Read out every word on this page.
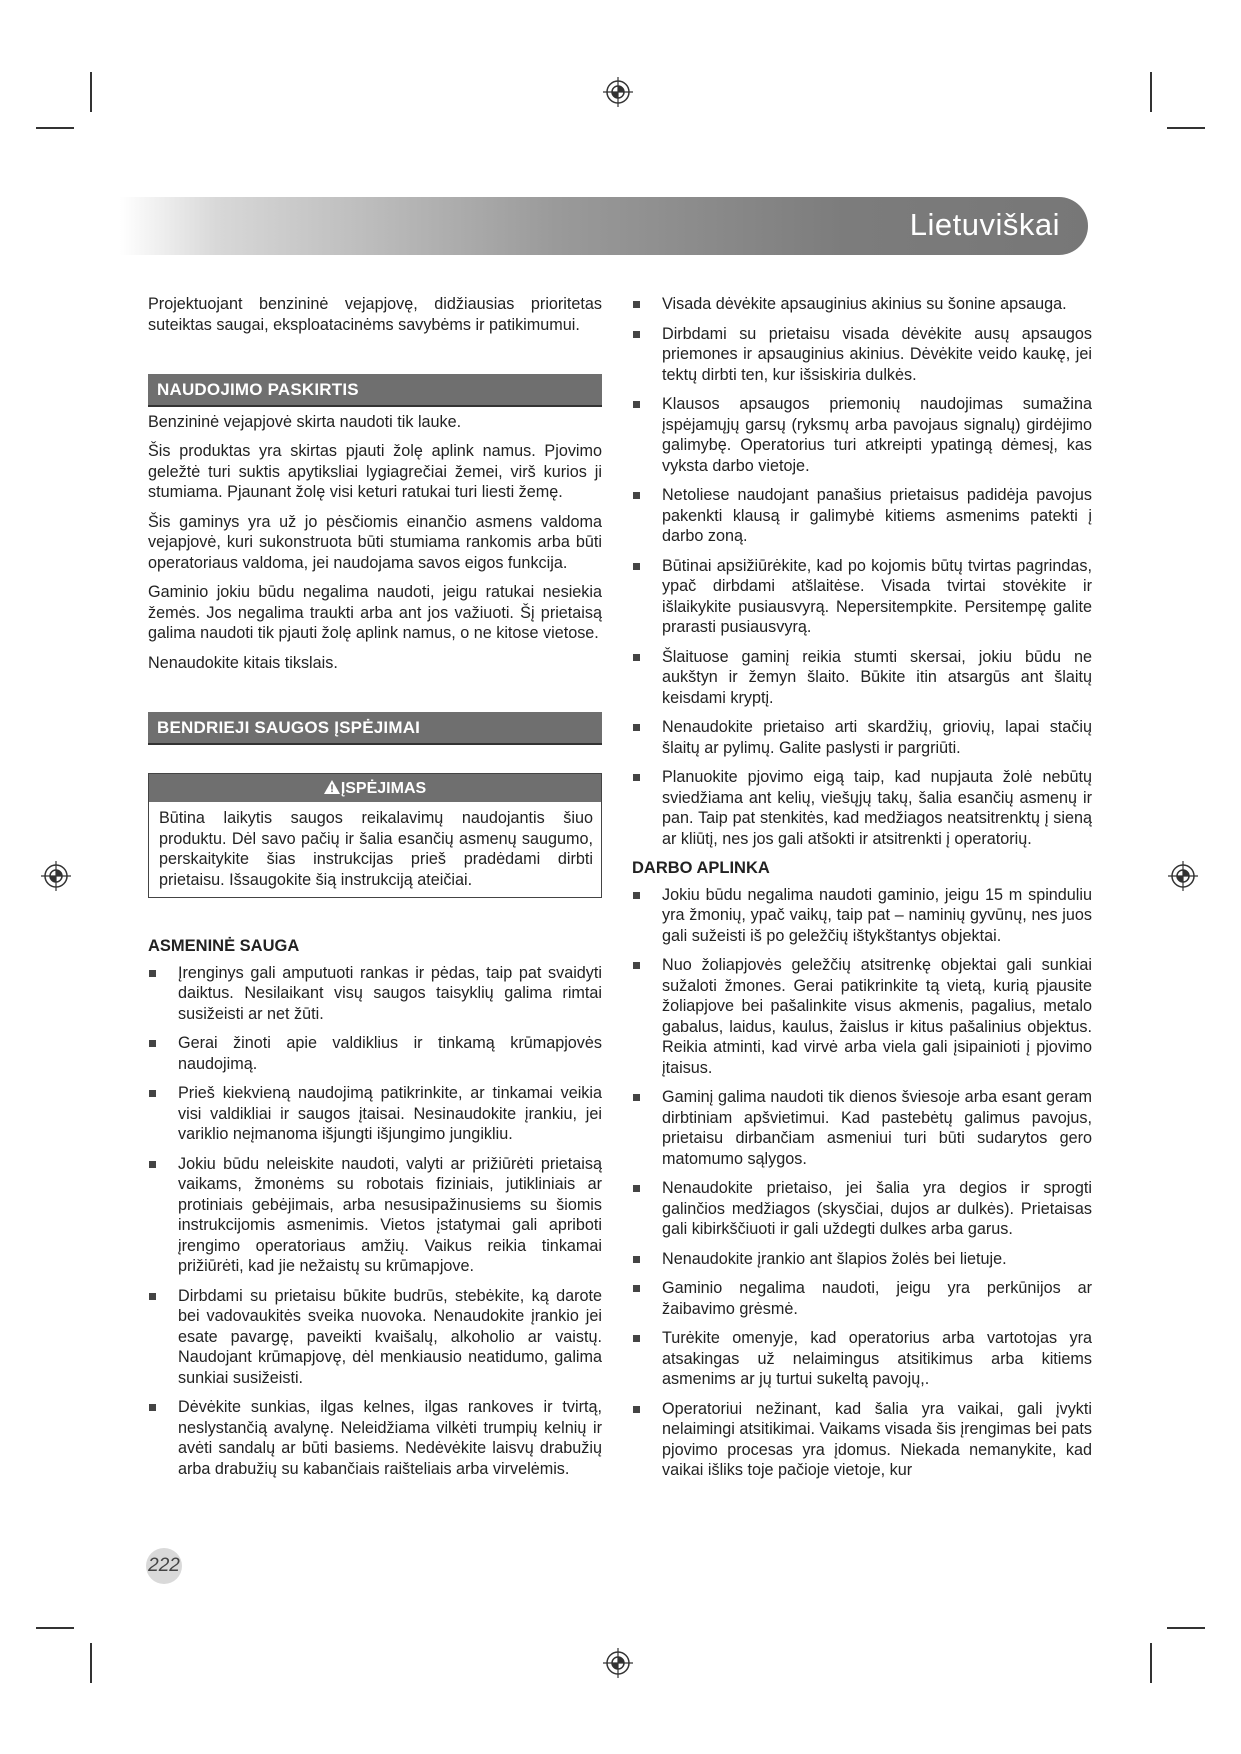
Lietuviškai

Projektuojant benzininė vejapjovę, didžiausias prioritetas suteiktas saugai, eksploatacinėms savybėms ir patikimumui.

NAUDOJIMO PASKIRTIS

Benzininė vejapjovė skirta naudoti tik lauke.

Šis produktas yra skirtas pjauti žolę aplink namus. Pjovimo geležtė turi suktis apytiksliai lygiagrečiai žemei, virš kurios ji stumiama. Pjaunant žolę visi keturi ratukai turi liesti žemę.

Šis gaminys yra už jo pėsčiomis einančio asmens valdoma vejapjovė, kuri sukonstruota būti stumiama rankomis arba būti operatoriaus valdoma, jei naudojama savos eigos funkcija.

Gaminio jokiu būdu negalima naudoti, jeigu ratukai nesiekia žemės. Jos negalima traukti arba ant jos važiuoti. Šį prietaisą galima naudoti tik pjauti žolę aplink namus, o ne kitose vietose.

Nenaudokite kitais tikslais.

BENDRIEJI SAUGOS ĮSPĖJIMAI
ĮSPĖJIMAS
Būtina laikytis saugos reikalavimų naudojantis šiuo produktu. Dėl savo pačių ir šalia esančių asmenų saugumo, perskaitykite šias instrukcijas prieš pradėdami dirbti prietaisu. Išsaugokite šią instrukciją ateičiai.
ASMENINĖ SAUGA
Įrenginys gali amputuoti rankas ir pėdas, taip pat svaidyti daiktus. Nesilaikant visų saugos taisyklių galima rimtai susižeisti ar net žūti.
Gerai žinoti apie valdiklius ir tinkamą krūmapjovės naudojimą.
Prieš kiekvieną naudojimą patikrinkite, ar tinkamai veikia visi valdikliai ir saugos įtaisai. Nesinaudokite įrankiu, jei variklio neįmanoma išjungti išjungimo jungikliu.
Jokiu būdu neleiskite naudoti, valyti ar prižiūrėti prietaisą vaikams, žmonėms su robotais fiziniais, jutikliniais ar protiniais gebėjimais, arba nesusipažinusiems su šiomis instrukcijomis asmenimis. Vietos įstatymai gali apriboti įrengimo operatoriaus amžių. Vaikus reikia tinkamai prižiūrėti, kad jie nežaistų su krūmapjove.
Dirbdami su prietaisu būkite budrūs, stebėkite, ką darote bei vadovaukitės sveika nuovoka. Nenaudokite įrankio jei esate pavargę, paveikti kvaišalų, alkoholio ar vaistų. Naudojant krūmapjovę, dėl menkiausio neatidumo, galima sunkiai susižeisti.
Dėvėkite sunkias, ilgas kelnes, ilgas rankoves ir tvirtą, neslystančią avalynę. Neleidžiama vilkėti trumpių kelnių ir avėti sandalų ar būti basiems. Nedėvėkite laisvų drabužių arba drabužių su kabančiais raišteliais arba virvelėmis.
Visada dėvėkite apsauginius akinius su šonine apsauga.
Dirbdami su prietaisu visada dėvėkite ausų apsaugos priemones ir apsauginius akinius. Dėvėkite veido kaukę, jei tektų dirbti ten, kur išsiskiria dulkės.
Klausos apsaugos priemonių naudojimas sumažina įspėjamųjų garsų (ryksmų arba pavojaus signalų) girdėjimo galimybę. Operatorius turi atkreipti ypatingą dėmesį, kas vyksta darbo vietoje.
Netoliese naudojant panašius prietaisus padidėja pavojus pakenkti klausą ir galimybė kitiems asmenims patekti į darbo zoną.
Būtinai apsižiūrėkite, kad po kojomis būtų tvirtas pagrindas, ypač dirbdami atšlaitėse. Visada tvirtai stovėkite ir išlaikykite pusiausvyrą. Nepersitempkite. Persitempę galite prarasti pusiausvyrą.
Šlaituose gaminį reikia stumti skersai, jokiu būdu ne aukštyn ir žemyn šlaito. Būkite itin atsargūs ant šlaitų keisdami kryptį.
Nenaudokite prietaiso arti skardžių, griovių, lapai stačių šlaitų ar pylimų. Galite paslysti ir pargriūti.
Planuokite pjovimo eigą taip, kad nupjauta žolė nebūtų sviedžiama ant kelių, viešųjų takų, šalia esančių asmenų ir pan. Taip pat stenkitės, kad medžiagos neatsitrenktų į sieną ar kliūtį, nes jos gali atšokti ir atsitrenkti į operatorių.
DARBO APLINKA
Jokiu būdu negalima naudoti gaminio, jeigu 15 m spinduliu yra žmonių, ypač vaikų, taip pat – naminių gyvūnų, nes juos gali sužeisti iš po geležčių ištykštantys objektai.
Nuo žoliapjovės geležčių atsitrenkę objektai gali sunkiai sužaloti žmones. Gerai patikrinkite tą vietą, kurią pjausite žoliapjove bei pašalinkite visus akmenis, pagalius, metalo gabalus, laidus, kaulus, žaislus ir kitus pašalinius objektus. Reikia atminti, kad virvė arba viela gali įsipainioti į pjovimo įtaisus.
Gaminį galima naudoti tik dienos šviesoje arba esant geram dirbtiniam apšvietimui. Kad pastebėtų galimus pavojus, prietaisu dirbančiam asmeniui turi būti sudarytos gero matomumo sąlygos.
Nenaudokite prietaiso, jei šalia yra degios ir sprogti galinčios medžiagos (skysčiai, dujos ar dulkės). Prietaisas gali kibirkščiuoti ir gali uždegti dulkes arba garus.
Nenaudokite įrankio ant šlapios žolės bei lietuje.
Gaminio negalima naudoti, jeigu yra perkūnijos ar žaibavimo grėsmė.
Turėkite omenyje, kad operatorius arba vartotojas yra atsakingas už nelaimingus atsitikimus arba kitiems asmenims ar jų turtui sukeltą pavojų,.
Operatoriui nežinant, kad šalia yra vaikai, gali įvykti nelaimingi atsitikimai. Vaikams visada šis įrengimas bei pats pjovimo procesas yra įdomus. Niekada nemanykite, kad vaikai išliks toje pačioje vietoje, kur
222
